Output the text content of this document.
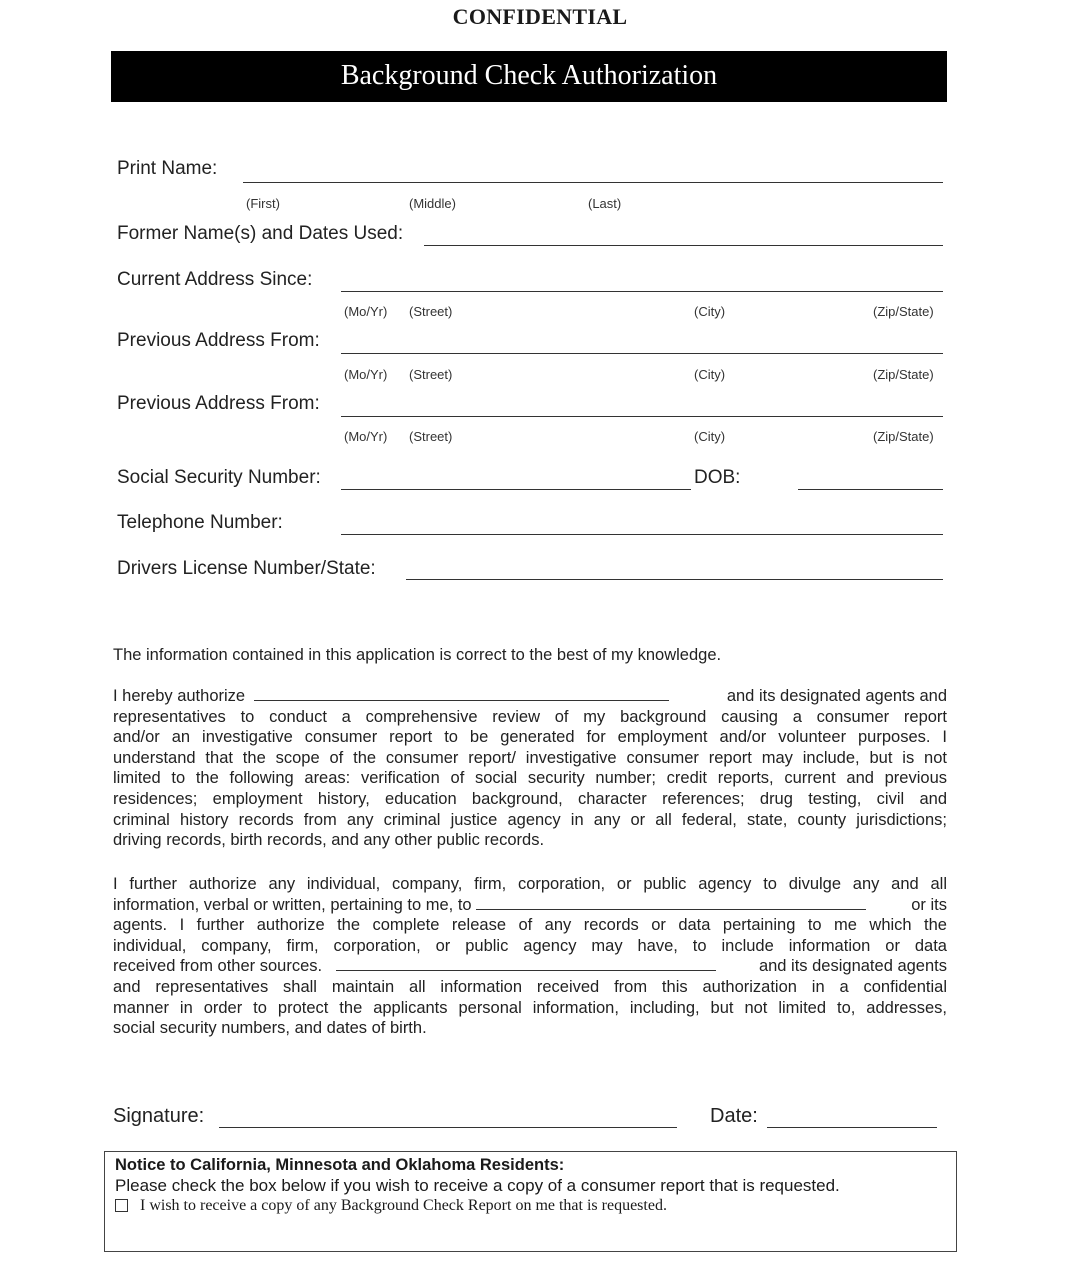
CONFIDENTIAL
Background Check Authorization
Print Name:
(First)	(Middle)	(Last)
Former Name(s) and Dates Used:
Current Address Since:
(Mo/Yr) (Street)	(City)	(Zip/State)
Previous Address From:
(Mo/Yr) (Street)	(City)	(Zip/State)
Previous Address From:
(Mo/Yr) (Street)	(City)	(Zip/State)
Social Security Number:	DOB:
Telephone Number:
Drivers License Number/State:
The information contained in this application is correct to the best of my knowledge.
I hereby authorize	and its designated agents and
representatives to conduct a comprehensive review of my background causing a consumer report
and/or an investigative consumer report to be generated for employment and/or volunteer purposes. I
understand that the scope of the consumer report/ investigative consumer report may include, but is not
limited to the following areas: verification of social security number; credit reports, current and previous
residences; employment history, education background, character references; drug testing, civil and
criminal history records from any criminal justice agency in any or all federal, state, county jurisdictions;
driving records, birth records, and any other public records.
I further authorize any individual, company, firm, corporation, or public agency to divulge any and all
information, verbal or written, pertaining to me, to	or its
agents. I further authorize the complete release of any records or data pertaining to me which the
individual, company, firm, corporation, or public agency may have, to include information or data
received from other sources.	and its designated agents
and representatives shall maintain all information received from this authorization in a confidential
manner in order to protect the applicants personal information, including, but not limited to, addresses,
social security numbers, and dates of birth.
Signature:	Date:
Notice to California, Minnesota and Oklahoma Residents:
Please check the box below if you wish to receive a copy of a consumer report that is requested.
I wish to receive a copy of any Background Check Report on me that is requested.
